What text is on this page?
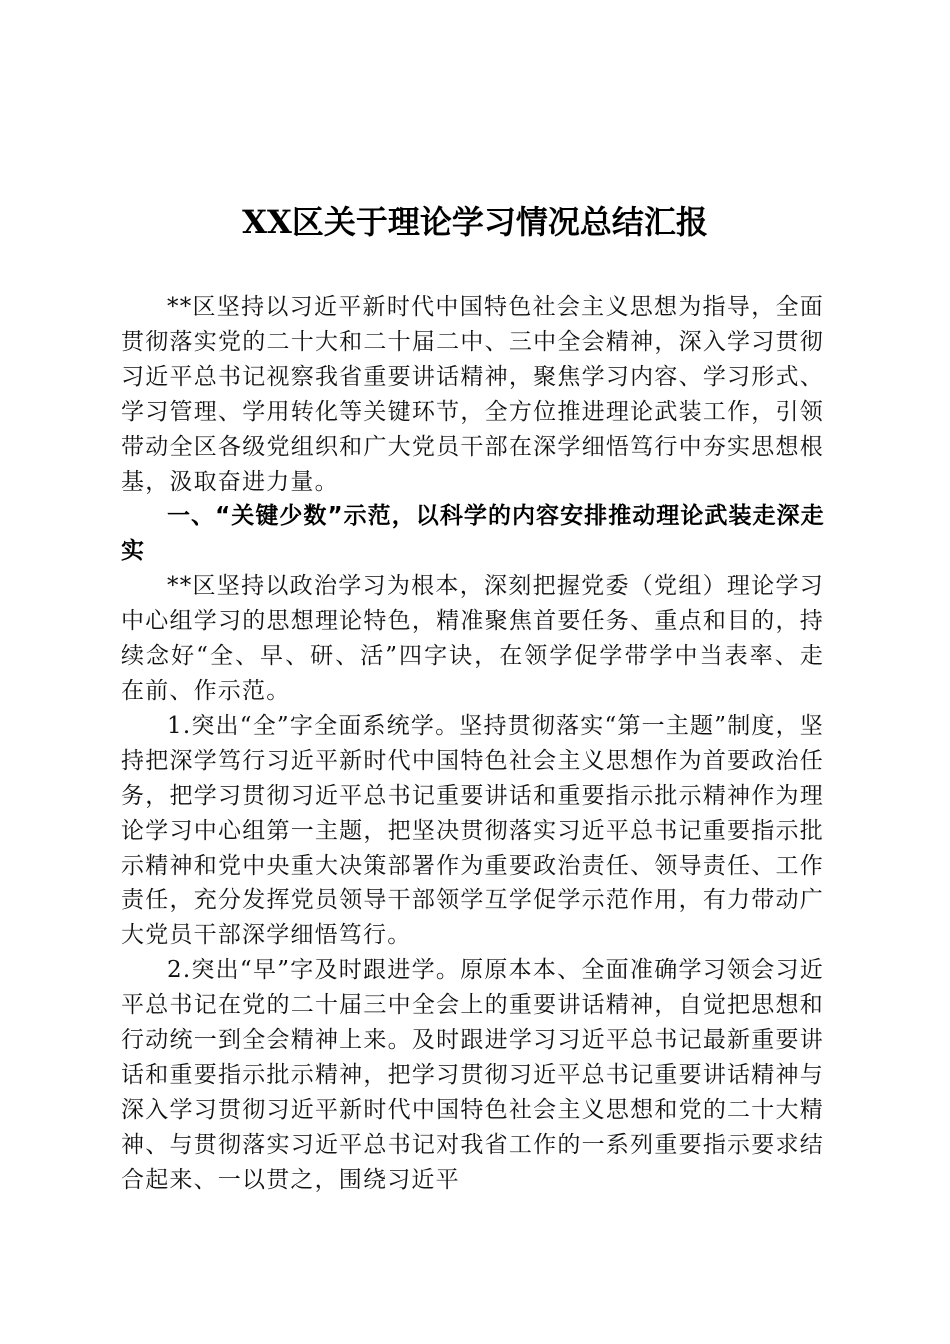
XX区关于理论学习情况总结汇报

**区坚持以习近平新时代中国特色社会主义思想为指导，全面贯彻落实党的二十大和二十届二中、三中全会精神，深入学习贯彻习近平总书记视察我省重要讲话精神，聚焦学习内容、学习形式、学习管理、学用转化等关键环节，全方位推进理论武装工作，引领带动全区各级党组织和广大党员干部在深学细悟笃行中夯实思想根基，汲取奋进力量。

一、“关键少数”示范，以科学的内容安排推动理论武装走深走实

**区坚持以政治学习为根本，深刻把握党委（党组）理论学习中心组学习的思想理论特色，精准聚焦首要任务、重点和目的，持续念好“全、早、研、活”四字诀，在领学促学带学中当表率、走在前、作示范。

1.突出“全”字全面系统学。坚持贯彻落实“第一主题”制度，坚持把深学笃行习近平新时代中国特色社会主义思想作为首要政治任务，把学习贯彻习近平总书记重要讲话和重要指示批示精神作为理论学习中心组第一主题，把坚决贯彻落实习近平总书记重要指示批示精神和党中央重大决策部署作为重要政治责任、领导责任、工作责任，充分发挥党员领导干部领学互学促学示范作用，有力带动广大党员干部深学细悟笃行。

2.突出“早”字及时跟进学。原原本本、全面准确学习领会习近平总书记在党的二十届三中全会上的重要讲话精神，自觉把思想和行动统一到全会精神上来。及时跟进学习习近平总书记最新重要讲话和重要指示批示精神，把学习贯彻习近平总书记重要讲话精神与深入学习贯彻习近平新时代中国特色社会主义思想和党的二十大精神、与贯彻落实习近平总书记对我省工作的一系列重要指示要求结合起来、一以贯之，围绕习近平
